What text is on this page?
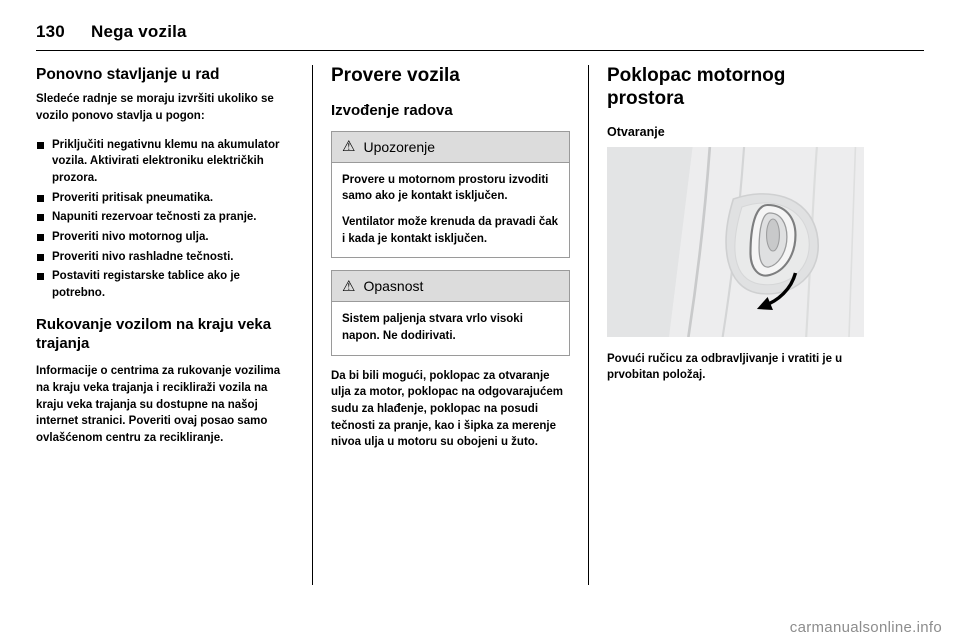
130 Nega vozila
Ponovno stavljanje u rad

Sledeće radnje se moraju izvršiti ukoliko se vozilo ponovo stavlja u pogon:

Priključiti negativnu klemu na akumulator vozila. Aktivirati elektroniku električkih prozora.
Proveriti pritisak pneumatika.
Napuniti rezervoar tečnosti za pranje.
Proveriti nivo motornog ulja.
Proveriti nivo rashladne tečnosti.
Postaviti registarske tablice ako je potrebno.
Rukovanje vozilom na kraju veka trajanja

Informacije o centrima za rukovanje vozilima na kraju veka trajanja i recikliraži vozila na kraju veka trajanja su dostupne na našoj internet stranici. Poveriti ovaj posao samo ovlašćenom centru za recikliranje.

Provere vozila
Izvođenje radova
⚠ Upozorenje

Provere u motornom prostoru izvoditi samo ako je kontakt isključen.

Ventilator može krenuda da pravadi čak i kada je kontakt isključen.

⚠ Opasnost

Sistem paljenja stvara vrlo visoki napon. Ne dodirivati.

Da bi bili mogući, poklopac za otvaranje ulja za motor, poklopac na odgovarajućem sudu za hlađenje, poklopac na posudi tečnosti za pranje, kao i šipka za merenje nivoa ulja u motoru su obojeni u žuto.

Poklopac motornog prostora
Otvaranje

Povući ručicu za odbravljivanje i vratiti je u prvobitan položaj.

carmanualsonline.info
